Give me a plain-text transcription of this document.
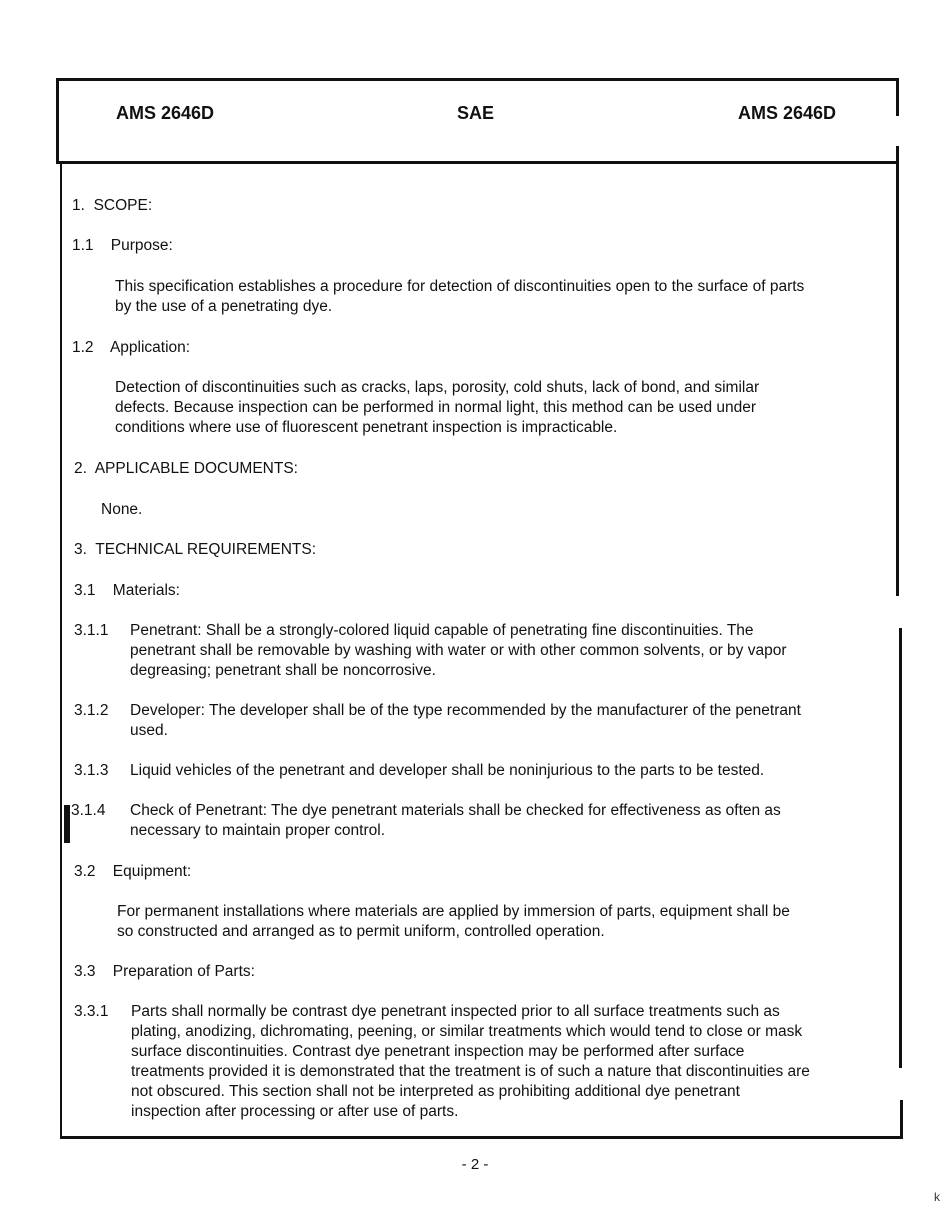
AMS 2646D	SAE	AMS 2646D
1. SCOPE:
1.1 Purpose:
This specification establishes a procedure for detection of discontinuities open to the surface of parts
by the use of a penetrating dye.
1.2 Application:
Detection of discontinuities such as cracks, laps, porosity, cold shuts, lack of bond, and similar
defects. Because inspection can be performed in normal light, this method can be used under
conditions where use of fluorescent penetrant inspection is impracticable.
2. APPLICABLE DOCUMENTS:
None.
3. TECHNICAL REQUIREMENTS:
3.1 Materials:
3.1.1 Penetrant: Shall be a strongly-colored liquid capable of penetrating fine discontinuities. The
penetrant shall be removable by washing with water or with other common solvents, or by vapor
degreasing; penetrant shall be noncorrosive.
3.1.2 Developer: The developer shall be of the type recommended by the manufacturer of the penetrant
used.
3.1.3 Liquid vehicles of the penetrant and developer shall be noninjurious to the parts to be tested.
3.1.4 Check of Penetrant: The dye penetrant materials shall be checked for effectiveness as often as
necessary to maintain proper control.
3.2 Equipment:
For permanent installations where materials are applied by immersion of parts, equipment shall be
so constructed and arranged as to permit uniform, controlled operation.
3.3 Preparation of Parts:
3.3.1 Parts shall normally be contrast dye penetrant inspected prior to all surface treatments such as
plating, anodizing, dichromating, peening, or similar treatments which would tend to close or mask
surface discontinuities. Contrast dye penetrant inspection may be performed after surface
treatments provided it is demonstrated that the treatment is of such a nature that discontinuities are
not obscured. This section shall not be interpreted as prohibiting additional dye penetrant
inspection after processing or after use of parts.
- 2 -
k
